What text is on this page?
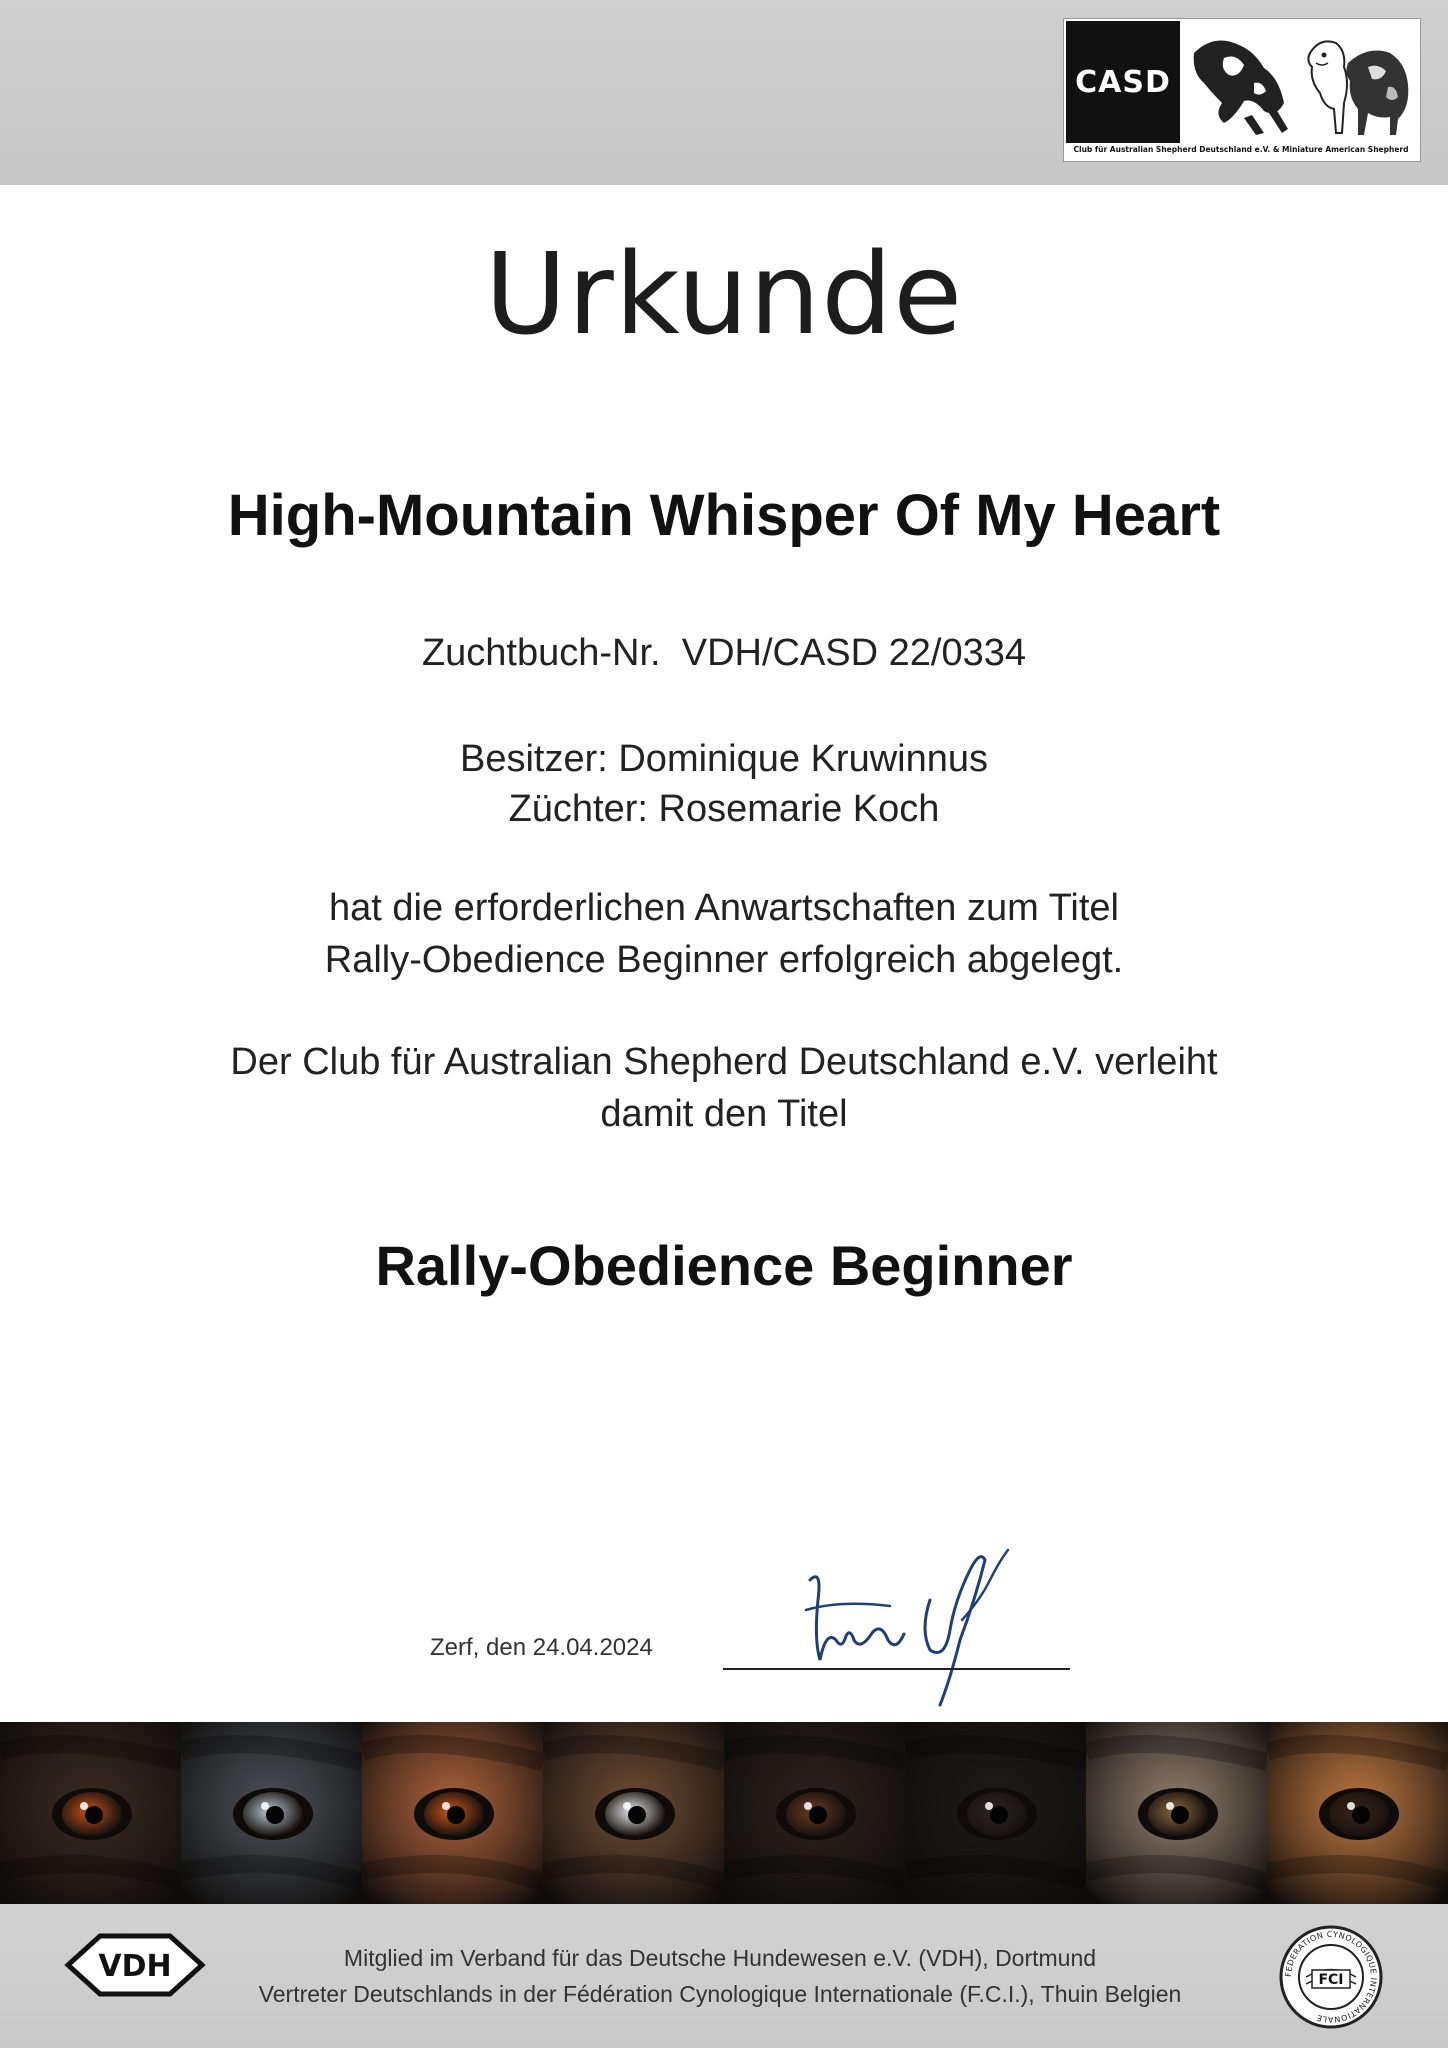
CASD
Club für Australian Shepherd Deutschland e.V. & Miniature American Shepherd
Urkunde
High-Mountain Whisper Of My Heart
Zuchtbuch-Nr. VDH/CASD 22/0334
Besitzer: Dominique Kruwinnus
Züchter: Rosemarie Koch
hat die erforderlichen Anwartschaften zum Titel
Rally-Obedience Beginner erfolgreich abgelegt.
Der Club für Australian Shepherd Deutschland e.V. verleiht
damit den Titel
Rally-Obedience Beginner
Zerf, den 24.04.2024
VDH	Mitglied im Verband für das Deutsche Hundewesen e.V. (VDH), Dortmund
Vertreter Deutschlands in der Fédération Cynologique Internationale (F.C.I.), Thuin Belgien
FEDERATION CYNOLOGIQUE INTERNATIONALE
FCI
